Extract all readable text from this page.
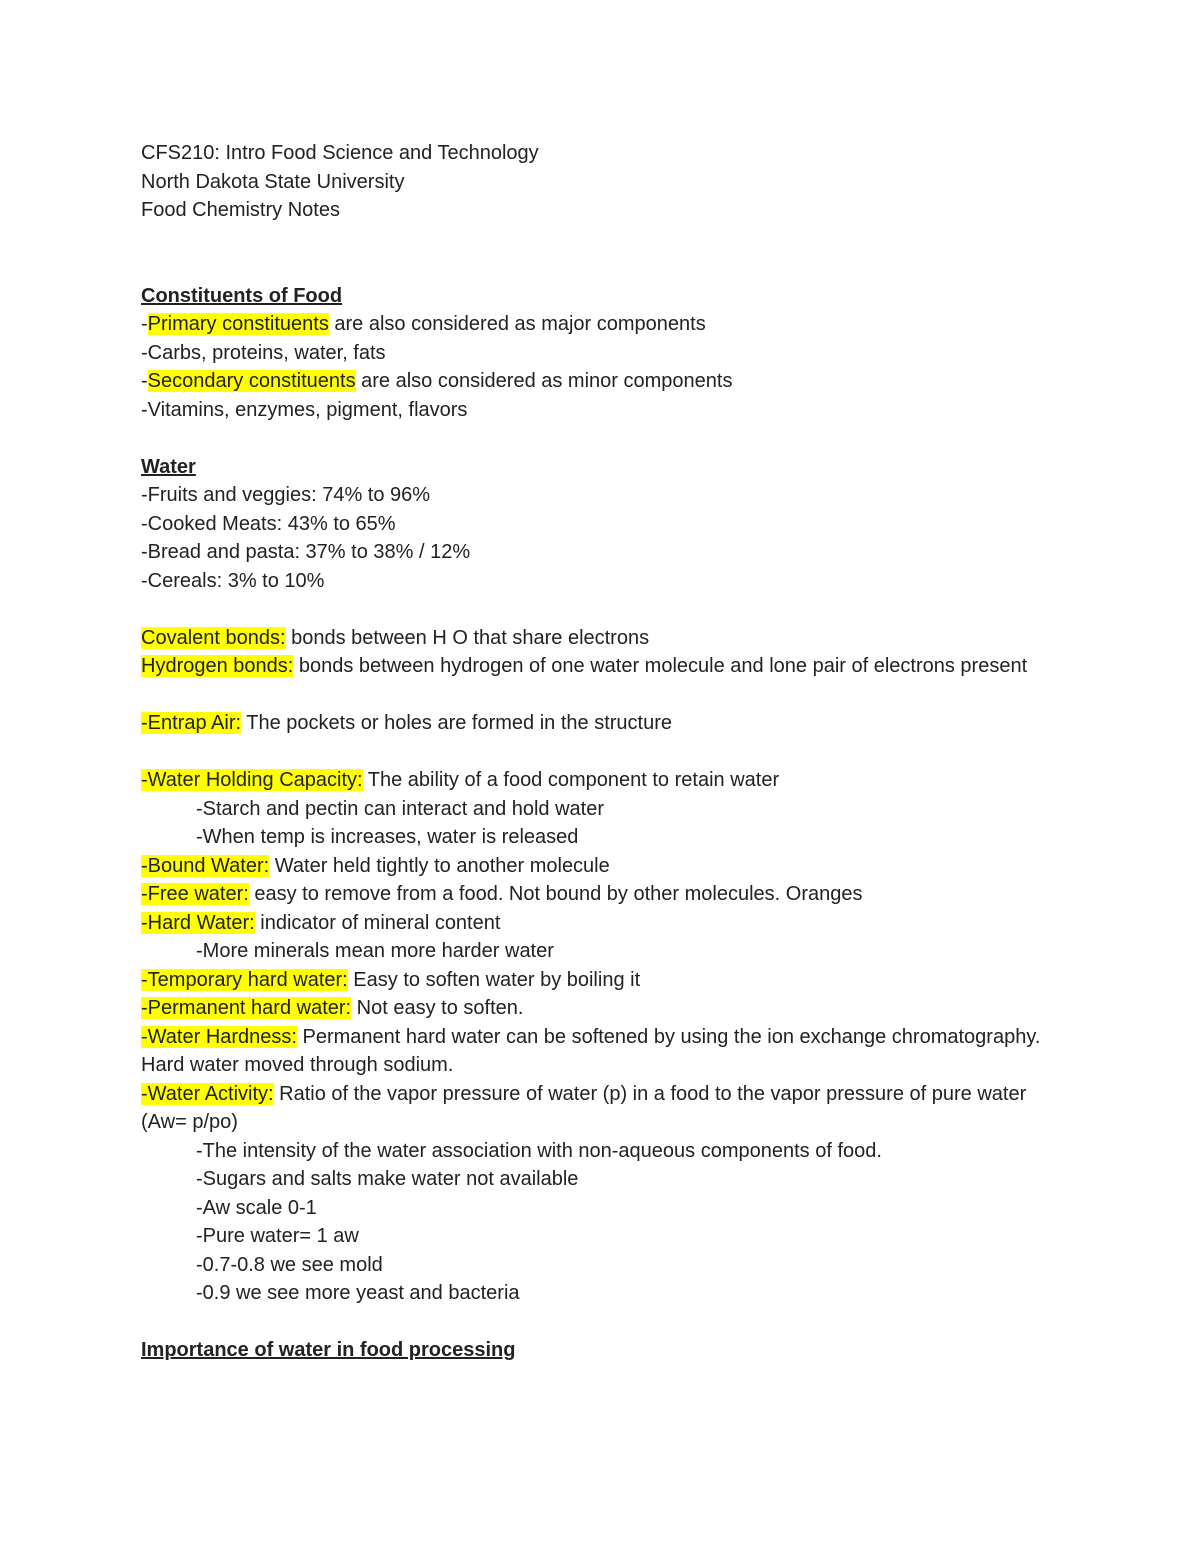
CFS210: Intro Food Science and Technology

North Dakota State University

Food Chemistry Notes

Constituents of Food

-Primary constituents are also considered as major components

-Carbs, proteins, water, fats

-Secondary constituents are also considered as minor components

-Vitamins, enzymes, pigment, flavors

Water

-Fruits and veggies: 74% to 96%

-Cooked Meats: 43% to 65%

-Bread and pasta: 37% to 38% / 12%

-Cereals: 3% to 10%

Covalent bonds: bonds between H O that share electrons

Hydrogen bonds: bonds between hydrogen of one water molecule and lone pair of electrons present

-Entrap Air: The pockets or holes are formed in the structure

-Water Holding Capacity: The ability of a food component to retain water

-Starch and pectin can interact and hold water

-When temp is increases, water is released

-Bound Water: Water held tightly to another molecule

-Free water: easy to remove from a food. Not bound by other molecules. Oranges

-Hard Water: indicator of mineral content

-More minerals mean more harder water

-Temporary hard water: Easy to soften water by boiling it

-Permanent hard water: Not easy to soften.

-Water Hardness: Permanent hard water can be softened by using the ion exchange chromatography. Hard water moved through sodium.

-Water Activity: Ratio of the vapor pressure of water (p) in a food to the vapor pressure of pure water (Aw= p/po)

-The intensity of the water association with non-aqueous components of food.

-Sugars and salts make water not available

-Aw scale 0-1

-Pure water= 1 aw

-0.7-0.8 we see mold

-0.9 we see more yeast and bacteria

Importance of water in food processing
